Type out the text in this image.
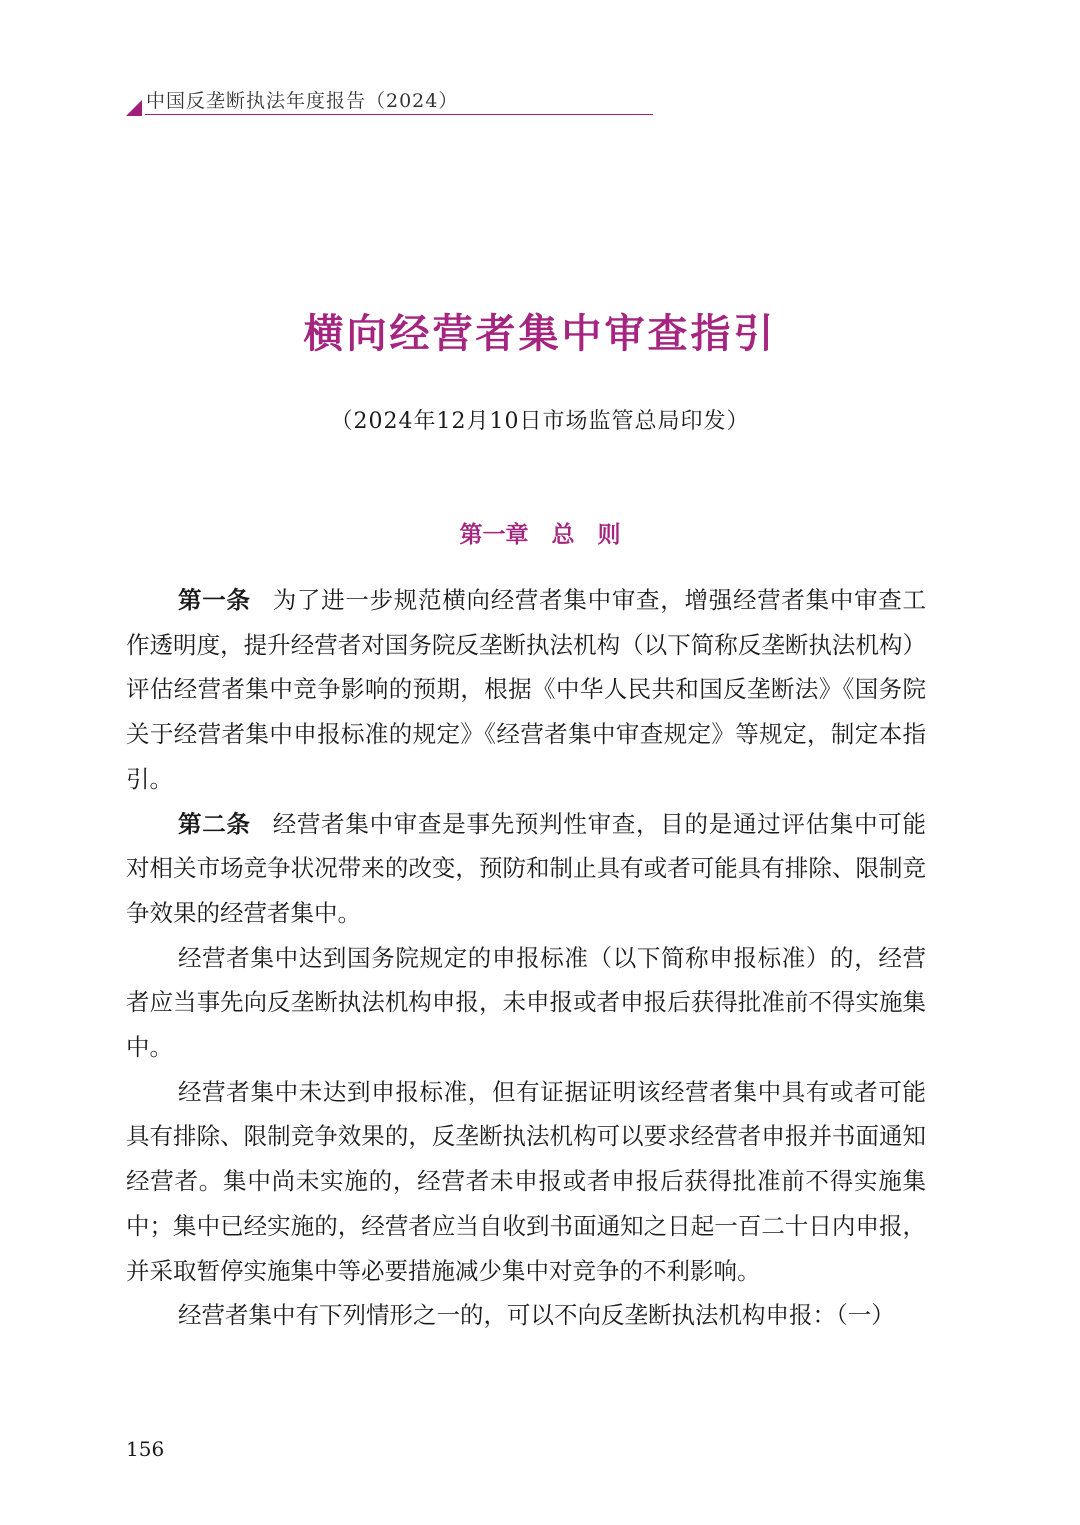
中国反垄断执法年度报告（2024）
横向经营者集中审查指引
（2024年12月10日市场监管总局印发）
第一章　总　则

第一条 为了进一步规范横向经营者集中审查，增强经营者集中审查工作透明度，提升经营者对国务院反垄断执法机构（以下简称反垄断执法机构）评估经营者集中竞争影响的预期，根据《中华人民共和国反垄断法》《国务院关于经营者集中申报标准的规定》《经营者集中审查规定》等规定，制定本指引。

第二条 经营者集中审查是事先预判性审查，目的是通过评估集中可能对相关市场竞争状况带来的改变，预防和制止具有或者可能具有排除、限制竞争效果的经营者集中。

经营者集中达到国务院规定的申报标准（以下简称申报标准）的，经营者应当事先向反垄断执法机构申报，未申报或者申报后获得批准前不得实施集中。

经营者集中未达到申报标准，但有证据证明该经营者集中具有或者可能具有排除、限制竞争效果的，反垄断执法机构可以要求经营者申报并书面通知经营者。集中尚未实施的，经营者未申报或者申报后获得批准前不得实施集中；集中已经实施的，经营者应当自收到书面通知之日起一百二十日内申报，并采取暂停实施集中等必要措施减少集中对竞争的不利影响。

经营者集中有下列情形之一的，可以不向反垄断执法机构申报：（一）

156
